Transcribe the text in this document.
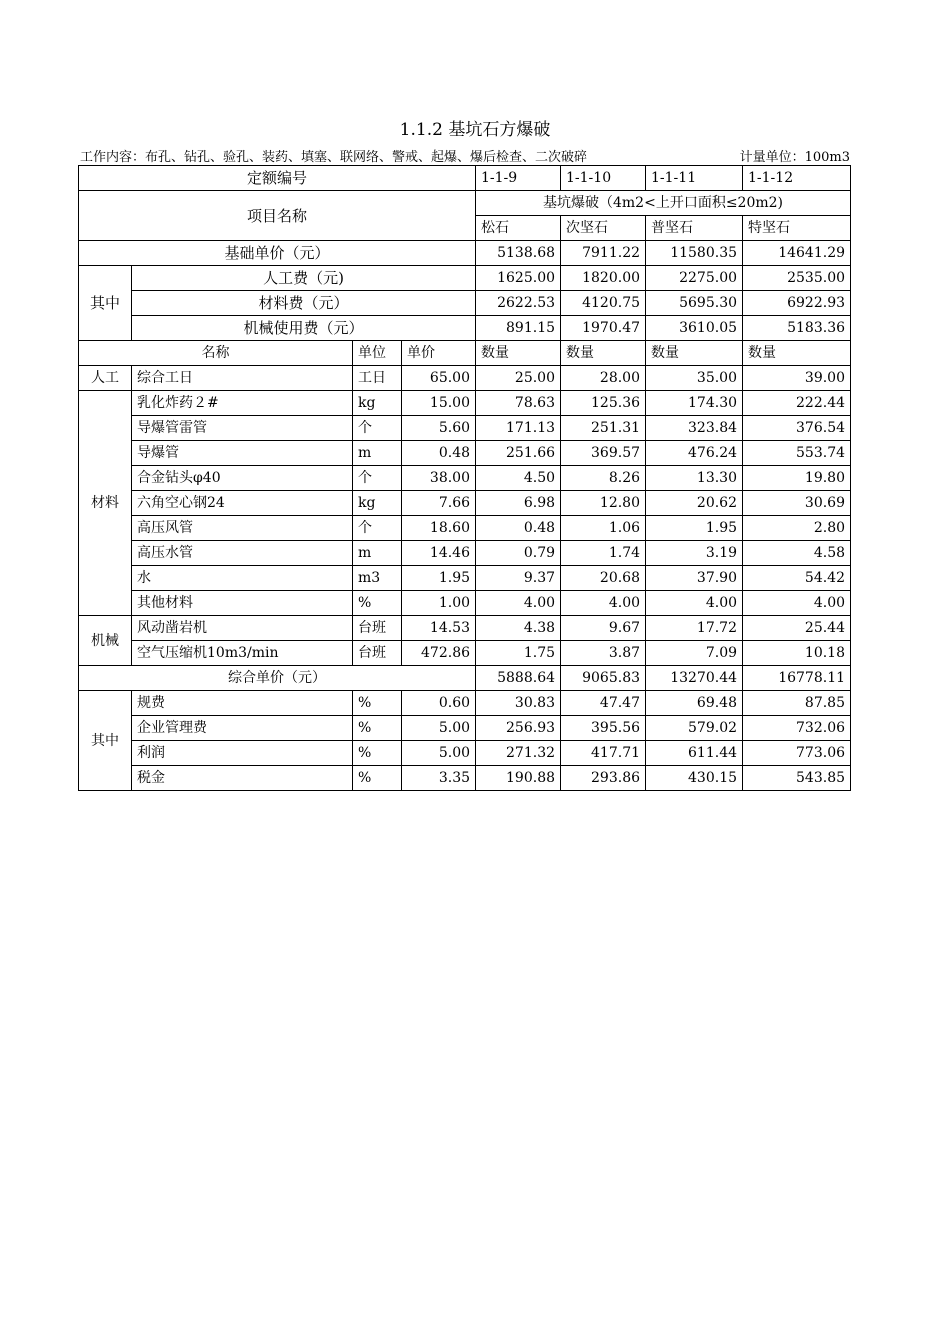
1.1.2 基坑石方爆破
工作内容：布孔、钻孔、验孔、装药、填塞、联网络、警戒、起爆、爆后检查、二次破碎	计量单位：100m3
定额编号				1-1-9	1-1-10	1-1-11	1-1-12
项目名称				基坑爆破（4m2<上开口面积≤20m2)			
				松石	次坚石	普坚石	特坚石
基础单价（元）				5138.68	7911.22	11580.35	14641.29
其中	人工费（元)			1625.00	1820.00	2275.00	2535.00
	材料费（元）			2622.53	4120.75	5695.30	6922.93
	机械使用费（元）			891.15	1970.47	3610.05	5183.36
名称		单位	单价	数量	数量	数量	数量
人工	综合工日	工日	65.00	25.00	28.00	35.00	39.00
材料	乳化炸药２#	kg	15.00	78.63	125.36	174.30	222.44
	导爆管雷管	个	5.60	171.13	251.31	323.84	376.54
	导爆管	m	0.48	251.66	369.57	476.24	553.74
	合金钻头φ40	个	38.00	4.50	8.26	13.30	19.80
	六角空心钢24	kg	7.66	6.98	12.80	20.62	30.69
	高压风管	个	18.60	0.48	1.06	1.95	2.80
	高压水管	m	14.46	0.79	1.74	3.19	4.58
	水	m3	1.95	9.37	20.68	37.90	54.42
	其他材料	%	1.00	4.00	4.00	4.00	4.00
机械	风动凿岩机	台班	14.53	4.38	9.67	17.72	25.44
	空气压缩机10m3/min	台班	472.86	1.75	3.87	7.09	10.18
综合单价（元）				5888.64	9065.83	13270.44	16778.11
其中	规费	%	0.60	30.83	47.47	69.48	87.85
	企业管理费	%	5.00	256.93	395.56	579.02	732.06
	利润	%	5.00	271.32	417.71	611.44	773.06
	税金	%	3.35	190.88	293.86	430.15	543.85
